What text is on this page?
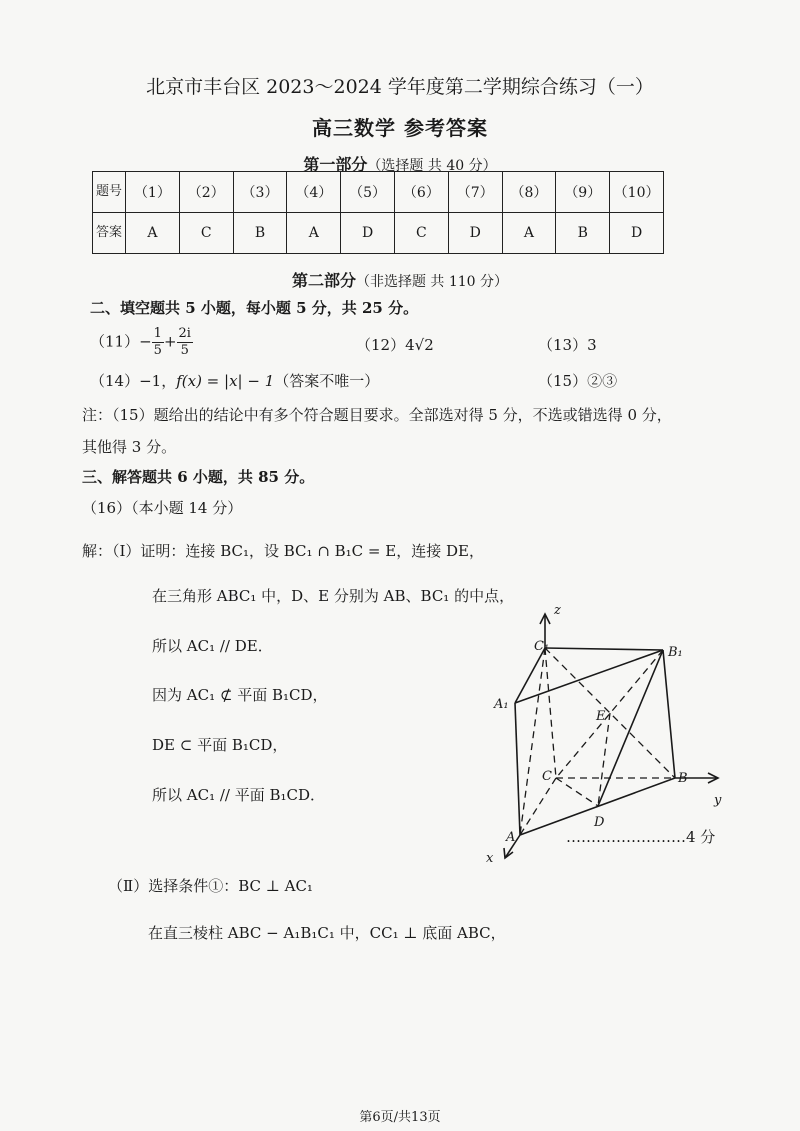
北京市丰台区 2023～2024 学年度第二学期综合练习（一）
高三数学 参考答案
第一部分（选择题 共 40 分）
题号	（1）	（2）	（3）	（4）	（5）	（6）	（7）	（8）	（9）	（10）
答案	A	C	B	A	D	C	D	A	B	D
第二部分（非选择题 共 110 分）
二、填空题共 5 小题，每小题 5 分，共 25 分。
$(11)- \frac{1}{5} + \frac{2i}{5}$	（12）4√2	（13）3
（14）−1，f(x) = |x| − 1（答案不唯一）	（15）②③
注：（15）题给出的结论中有多个符合题目要求。全部选对得 5 分，不选或错选得 0 分，
其他得 3 分。
三、解答题共 6 小题，共 85 分。
（16）（本小题 14 分）
解：（Ⅰ）证明：连接 BC₁，设 BC₁ ∩ B₁C = E，连接 DE，
在三角形 ABC₁ 中，D、E 分别为 AB、BC₁ 的中点，
所以 AC₁ // DE．
因为 AC₁ ⊄ 平面 B₁CD，
DE ⊂ 平面 B₁CD，
所以 AC₁ // 平面 B₁CD．
z
C₁	B₁
A₁
E
C	B
y
D
A
x
……………………4 分
（Ⅱ）选择条件①：BC ⊥ AC₁
在直三棱柱 ABC − A₁B₁C₁ 中，CC₁ ⊥ 底面 ABC，
第6页/共13页
